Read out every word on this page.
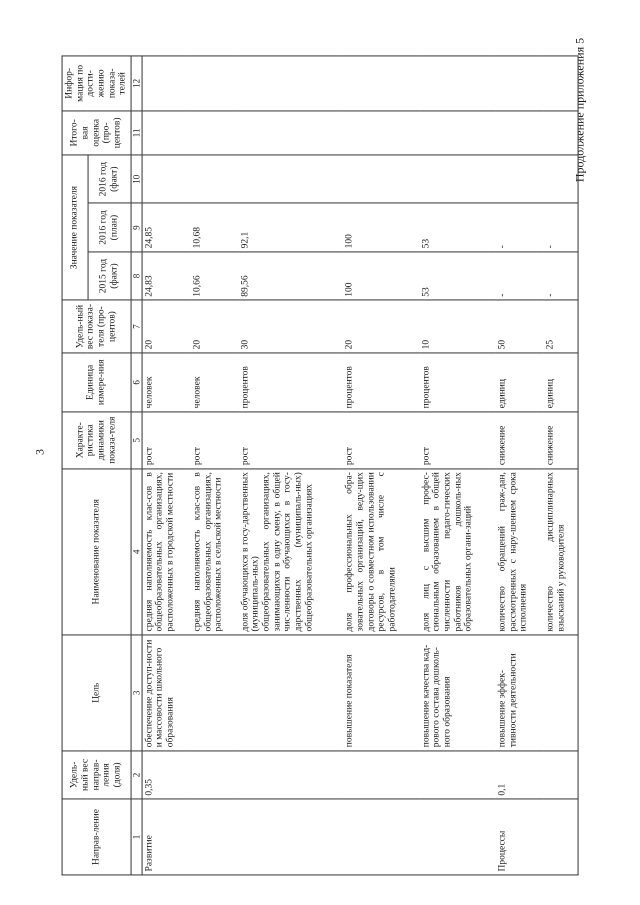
3
Продолжение приложения 5
Направ-ление	Удель-ный вес направ-ления (доля)	Цель	Наименование показателя	Характе-ристика динамики показа-теля	Единица измере-ния	Удель-ный вес показа-теля (про-центов)	Значение показателя			Итого-вая оценка (про-центов)	Инфор-мация по дости-жению показа-телей
							2015 год (факт)	2016 год (план)	2016 год (факт)		
1	2	3	4	5	6	7	8	9	10	11	12
Развитие	0,35	обеспечение доступ-ности и массовости школьного образования	средняя наполняемость клас-сов в общеобразовательных организациях, расположенных в городской местности	рост	человек	20	24,83	24,85			
			средняя наполняемость клас-сов в общеобразовательных организациях, расположенных в сельской местности	рост	человек	20	10,66	10,68			
			доля обучающихся в госу-дарственных (муниципаль-ных) общеобразовательных организациях, занимающихся в одну смену, в общей чис-ленности обучающихся в госу-дарственных (муниципаль-ных) общеобразовательных организациях	рост	процентов	30	89,56	92,1			
		повышение показателя	доля профессиональных обра-зовательных организаций, веду-щих договоры о совместном использовании ресурсов, в том числе с работодателями	рост	процентов	20	100	100			
		повышение качества кад-рового состава дошколь-ного образования	доля лиц с высшим профес-сиональным образованием в общей численности педаго-гических работников дошколь-ных образовательных органи-заций	рост	процентов	10	53	53			
Процессы	0,1	повышение эффек-тивности деятельности	количество обращений граж-дан, рассмотренных с нару-шением срока исполнения	снижение	единиц	50	-	-			
			количество дисциплинарных взысканий у руководителя	снижение	единиц	25	-	-			
